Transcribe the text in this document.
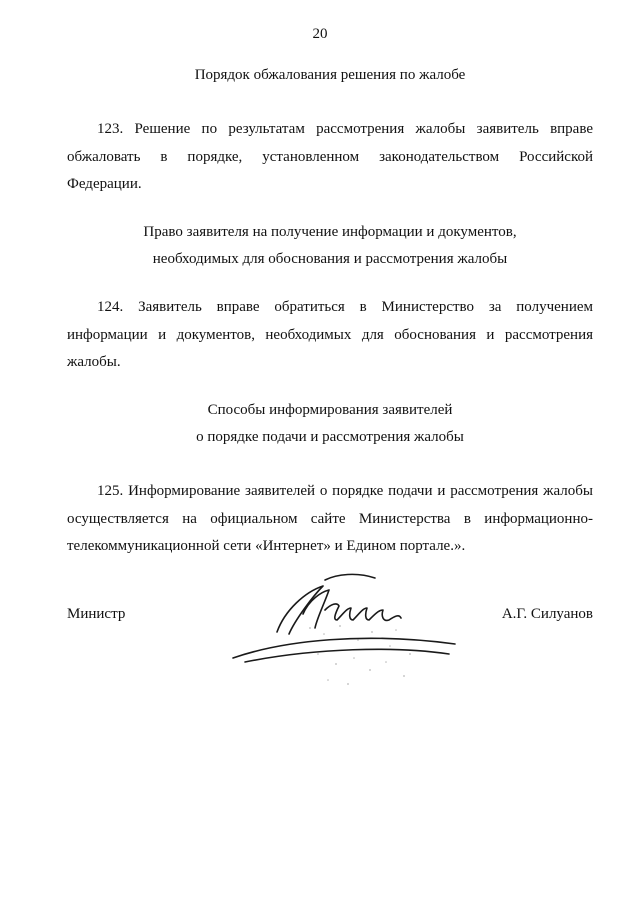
20
Порядок обжалования решения по жалобе
123. Решение по результатам рассмотрения жалобы заявитель вправе
обжаловать в порядке, установленном законодательством Российской
Федерации.
Право заявителя на получение информации и документов,
необходимых для обоснования и рассмотрения жалобы
124. Заявитель вправе обратиться в Министерство за получением
информации и документов, необходимых для обоснования и рассмотрения
жалобы.
Способы информирования заявителей
о порядке подачи и рассмотрения жалобы
125. Информирование заявителей о порядке подачи и рассмотрения жалобы
осуществляется на официальном сайте Министерства в информационно-
телекоммуникационной сети «Интернет» и Едином портале.».
Министр	А.Г. Силуанов
